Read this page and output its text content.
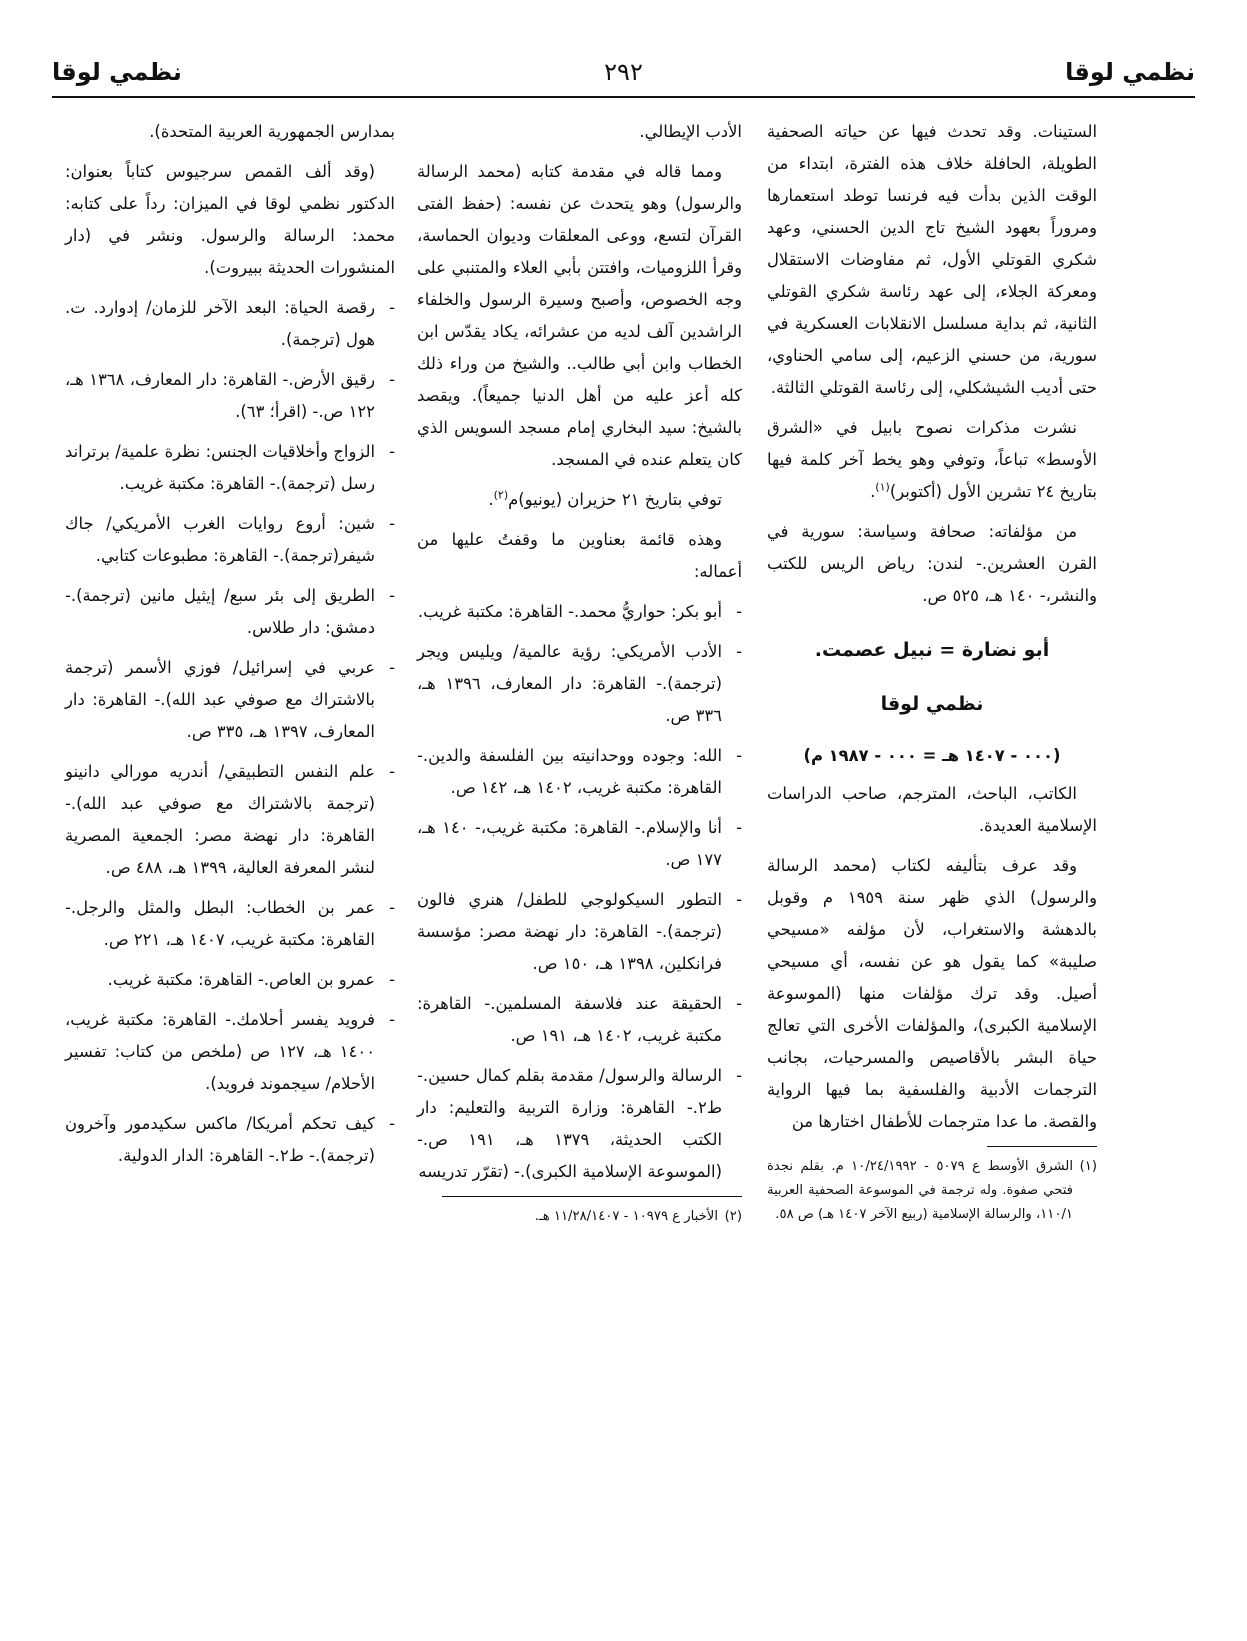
نظمي لوقا
٢٩٢
نظمي لوقا

الستينات. وقد تحدث فيها عن حياته الصحفية الطويلة، الحافلة خلاف هذه الفترة، ابتداء من الوقت الذين بدأت فيه فرنسا توطد استعمارها ومروراً بعهود الشيخ تاج الدين الحسني، وعهد شكري القوتلي الأول، ثم مفاوضات الاستقلال ومعركة الجلاء، إلى عهد رئاسة شكري القوتلي الثانية، ثم بداية مسلسل الانقلابات العسكرية في سورية، من حسني الزعيم، إلى سامي الحناوي، حتى أديب الشيشكلي، إلى رئاسة القوتلي الثالثة.

نشرت مذكرات نصوح بابيل في «الشرق الأوسط» تباعاً، وتوفي وهو يخط آخر كلمة فيها بتاريخ ٢٤ تشرين الأول (أكتوبر)$^{(١)}$.

من مؤلفاته: صحافة وسياسة: سورية في القرن العشرين.- لندن: رياض الريس للكتب والنشر،- ١٤٠ هـ، ٥٢٥ ص.

أبو نضارة = نبيل عصمت.
نظمي لوقا
(٠٠٠ - ١٤٠٧ هـ = ٠٠٠ - ١٩٨٧ م)

الكاتب، الباحث، المترجم، صاحب الدراسات الإسلامية العديدة.

وقد عرف بتأليفه لكتاب (محمد الرسالة والرسول) الذي ظهر سنة ١٩٥٩ م وقوبل بالدهشة والاستغراب، لأن مؤلفه «مسيحي صليبة» كما يقول هو عن نفسه، أي مسيحي أصيل. وقد ترك مؤلفات منها (الموسوعة الإسلامية الكبرى)، والمؤلفات الأخرى التي تعالج حياة البشر بالأقاصيص والمسرحيات، بجانب الترجمات الأدبية والفلسفية بما فيها الرواية والقصة. ما عدا مترجمات للأطفال اختارها من

(١)
الشرق الأوسط ع ٥٠٧٩ - ١٠/٢٤/١٩٩٢ م. بقلم نجدة فتحي صفوة. وله ترجمة في الموسوعة الصحفية العربية ١١٠/١، والرسالة الإسلامية (ربيع الآخر ١٤٠٧ هـ) ص ٥٨.

الأدب الإيطالي.

ومما قاله في مقدمة كتابه (محمد الرسالة والرسول) وهو يتحدث عن نفسه: (حفظ الفتى القرآن لتسع، ووعى المعلقات وديوان الحماسة، وقرأ اللزوميات، وافتتن بأبي العلاء والمتنبي على وجه الخصوص، وأصبح وسيرة الرسول والخلفاء الراشدين آلف لديه من عشرائه، يكاد يقدّس ابن الخطاب وابن أبي طالب.. والشيخ من وراء ذلك كله أعز عليه من أهل الدنيا جميعاً). ويقصد بالشيخ: سيد البخاري إمام مسجد السويس الذي كان يتعلم عنده في المسجد.

توفي بتاريخ ٢١ حزيران (يونيو)م$^{(٢)}$.

وهذه قائمة بعناوين ما وقفتُ عليها من أعماله:

- أبو بكر: حواريُّ محمد.- القاهرة: مكتبة غريب.
- الأدب الأمريكي: رؤية عالمية/ ويليس ويجر (ترجمة).- القاهرة: دار المعارف، ١٣٩٦ هـ، ٣٣٦ ص.
- الله: وجوده ووحدانيته بين الفلسفة والدين.- القاهرة: مكتبة غريب، ١٤٠٢ هـ، ١٤٢ ص.
- أنا والإسلام.- القاهرة: مكتبة غريب،- ١٤٠ هـ، ١٧٧ ص.
- التطور السيكولوجي للطفل/ هنري فالون (ترجمة).- القاهرة: دار نهضة مصر: مؤسسة فرانكلين، ١٣٩٨ هـ، ١٥٠ ص.
- الحقيقة عند فلاسفة المسلمين.- القاهرة: مكتبة غريب، ١٤٠٢ هـ، ١٩١ ص.
- الرسالة والرسول/ مقدمة بقلم كمال حسين.- ط٢.- القاهرة: وزارة التربية والتعليم: دار الكتب الحديثة، ١٣٧٩ هـ، ١٩١ ص.- (الموسوعة الإسلامية الكبرى).- (تقرّر تدريسه
(٢)
الأخبار ع ١٠٩٧٩ - ١١/٢٨/١٤٠٧ هـ.

بمدارس الجمهورية العربية المتحدة).

(وقد ألف القمص سرجيوس كتاباً بعنوان: الدكتور نظمي لوقا في الميزان: رداً على كتابه: محمد: الرسالة والرسول. ونشر في (دار المنشورات الحديثة ببيروت).

- رقصة الحياة: البعد الآخر للزمان/ إدوارد. ت. هول (ترجمة).
- رقيق الأرض.- القاهرة: دار المعارف، ١٣٦٨ هـ، ١٢٢ ص.- (اقرأ؛ ٦٣).
- الزواج وأخلاقيات الجنس: نظرة علمية/ برتراند رسل (ترجمة).- القاهرة: مكتبة غريب.
- شين: أروع روايات الغرب الأمريكي/ جاك شيفر(ترجمة).- القاهرة: مطبوعات كتابي.
- الطريق إلى بئر سبع/ إيثيل مانين (ترجمة).- دمشق: دار طلاس.
- عربي في إسرائيل/ فوزي الأسمر (ترجمة بالاشتراك مع صوفي عبد الله).- القاهرة: دار المعارف، ١٣٩٧ هـ، ٣٣٥ ص.
- علم النفس التطبيقي/ أندريه مورالي دانينو (ترجمة بالاشتراك مع صوفي عبد الله).- القاهرة: دار نهضة مصر: الجمعية المصرية لنشر المعرفة العالية، ١٣٩٩ هـ، ٤٨٨ ص.
- عمر بن الخطاب: البطل والمثل والرجل.- القاهرة: مكتبة غريب، ١٤٠٧ هـ، ٢٢١ ص.
- عمرو بن العاص.- القاهرة: مكتبة غريب.
- فرويد يفسر أحلامك.- القاهرة: مكتبة غريب، ١٤٠٠ هـ، ١٢٧ ص (ملخص من كتاب: تفسير الأحلام/ سيجموند فرويد).
- كيف تحكم أمريكا/ ماكس سكيدمور وآخرون (ترجمة).- ط٢.- القاهرة: الدار الدولية.
